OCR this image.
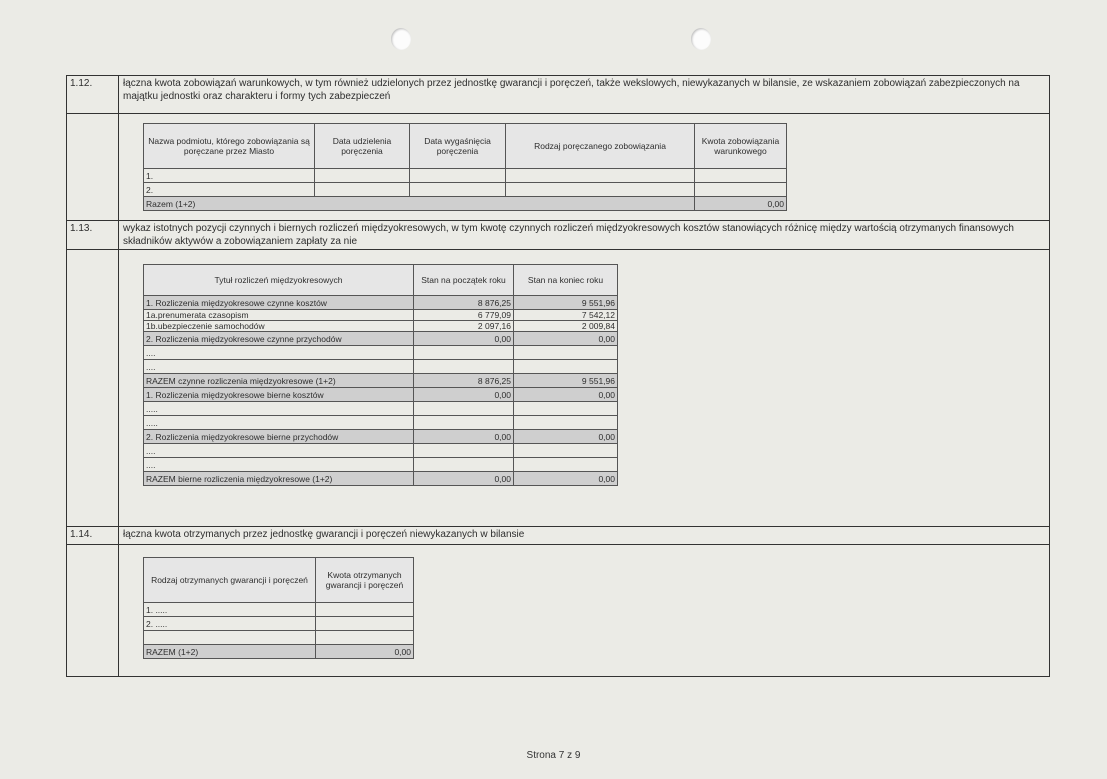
1.12.	łączna kwota zobowiązań warunkowych, w tym również udzielonych przez jednostkę gwarancji i poręczeń, także wekslowych, niewykazanych w bilansie, ze wskazaniem zobowiązań zabezpieczonych na majątku jednostki oraz charakteru i formy tych zabezpieczeń

Nazwa podmiotu, którego zobowiązania są poręczane przez Miasto	Data udzielenia poręczenia	Data wygaśnięcia poręczenia	Rodzaj poręczanego zobowiązania	Kwota zobowiązania warunkowego
1.				
2.				
Razem (1+2)	0,00

1.13.	wykaz istotnych pozycji czynnych i biernych rozliczeń międzyokresowych, w tym kwotę czynnych rozliczeń międzyokresowych kosztów stanowiących różnicę między wartością otrzymanych finansowych składników aktywów a zobowiązaniem zapłaty za nie

Tytuł rozliczeń międzyokresowych	Stan na początek roku	Stan na koniec roku
1. Rozliczenia międzyokresowe czynne kosztów	8 876,25	9 551,96
1a.prenumerata czasopism	6 779,09	7 542,12
1b.ubezpieczenie samochodów	2 097,16	2 009,84
2. Rozliczenia międzyokresowe czynne przychodów	0,00	0,00
....		
....		
RAZEM czynne rozliczenia międzyokresowe (1+2)	8 876,25	9 551,96
1. Rozliczenia międzyokresowe bierne kosztów	0,00	0,00
.....		
.....		
2. Rozliczenia międzyokresowe bierne przychodów	0,00	0,00
....		
....		
RAZEM bierne rozliczenia międzyokresowe (1+2)	0,00	0,00

1.14.	łączna kwota otrzymanych przez jednostkę gwarancji i poręczeń niewykazanych w bilansie

Rodzaj otrzymanych gwarancji i poręczeń	Kwota otrzymanych gwarancji i poręczeń
1. .....	
2. .....	

RAZEM (1+2)	0,00
Strona 7 z 9
